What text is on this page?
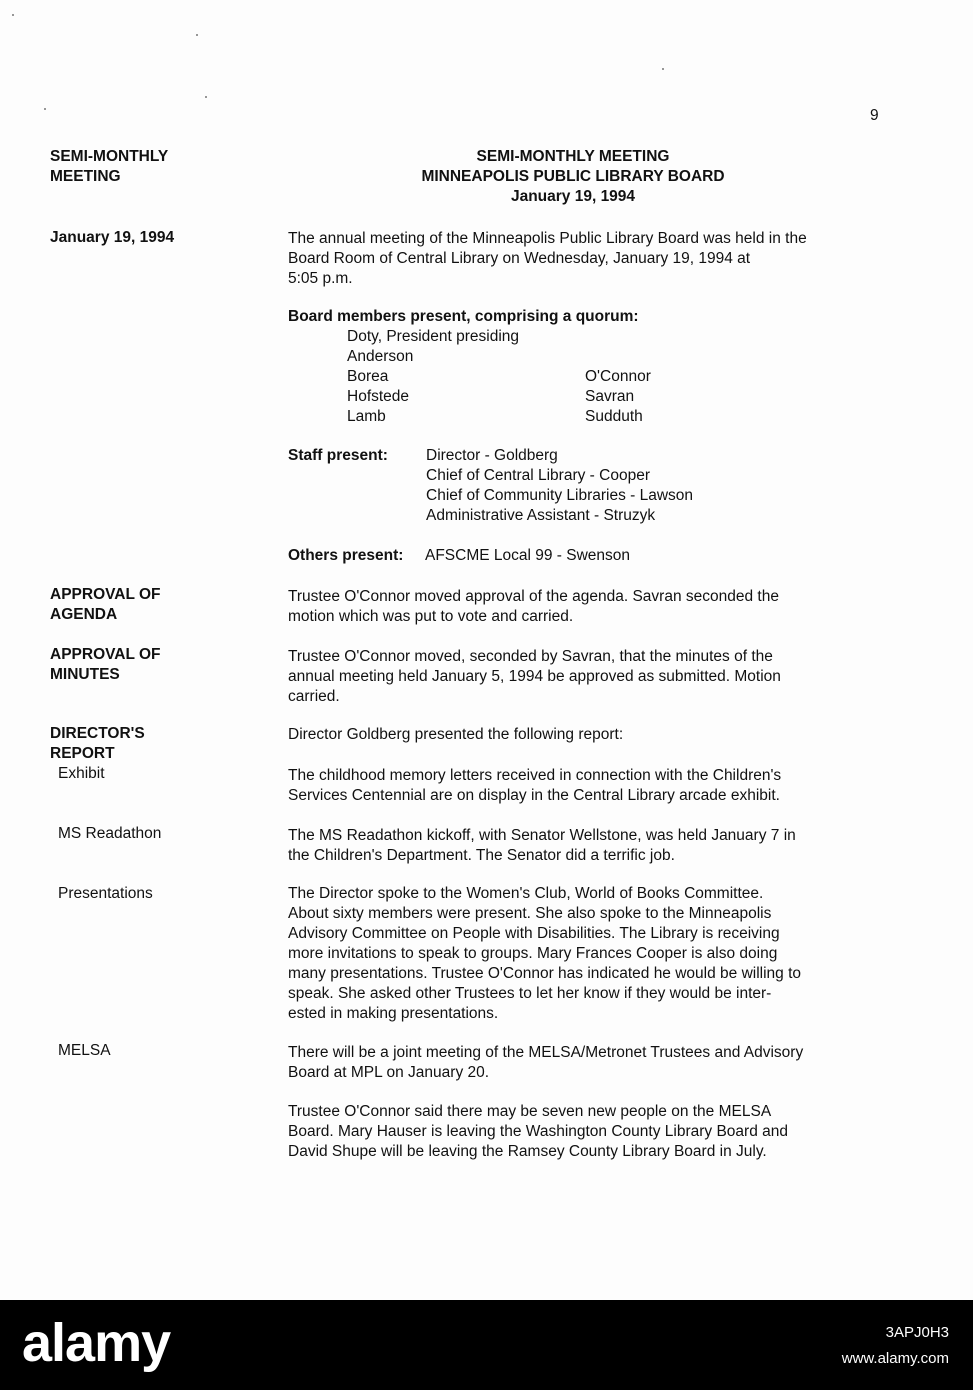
9
SEMI-MONTHLY MEETING
MINNEAPOLIS PUBLIC LIBRARY BOARD
January 19, 1994
SEMI-MONTHLY
MEETING
January 19, 1994
APPROVAL OF
AGENDA
APPROVAL OF
MINUTES
DIRECTOR'S
REPORT
Exhibit
MS Readathon
Presentations
MELSA
The annual meeting of the Minneapolis Public Library Board was held in the
Board Room of Central Library on Wednesday, January 19, 1994 at
5:05 p.m.
Board members present, comprising a quorum:
Doty, President presiding
Anderson
Borea
Hofstede
Lamb
O'Connor
Savran
Sudduth
Staff present: Director - Goldberg
Chief of Central Library - Cooper
Chief of Community Libraries - Lawson
Administrative Assistant - Struzyk
Others present: AFSCME Local 99 - Swenson
Trustee O'Connor moved approval of the agenda. Savran seconded the
motion which was put to vote and carried.
Trustee O'Connor moved, seconded by Savran, that the minutes of the
annual meeting held January 5, 1994 be approved as submitted. Motion
carried.
Director Goldberg presented the following report:
The childhood memory letters received in connection with the Children's
Services Centennial are on display in the Central Library arcade exhibit.
The MS Readathon kickoff, with Senator Wellstone, was held January 7 in
the Children's Department. The Senator did a terrific job.
The Director spoke to the Women's Club, World of Books Committee.
About sixty members were present. She also spoke to the Minneapolis
Advisory Committee on People with Disabilities. The Library is receiving
more invitations to speak to groups. Mary Frances Cooper is also doing
many presentations. Trustee O'Connor has indicated he would be willing to
speak. She asked other Trustees to let her know if they would be inter-
ested in making presentations.
There will be a joint meeting of the MELSA/Metronet Trustees and Advisory
Board at MPL on January 20.
Trustee O'Connor said there may be seven new people on the MELSA
Board. Mary Hauser is leaving the Washington County Library Board and
David Shupe will be leaving the Ramsey County Library Board in July.
alamy	3APJ0H3
www.alamy.com
